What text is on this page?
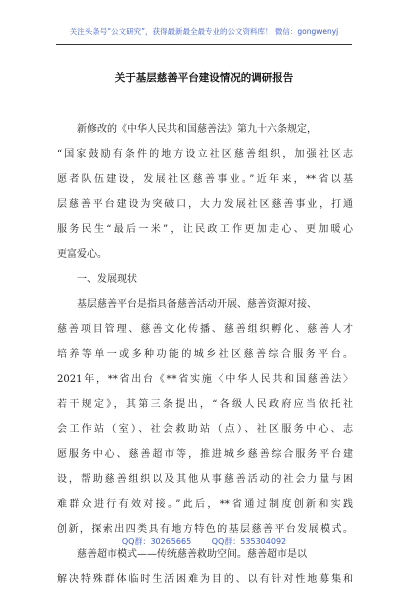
关注头条号“公文研究”，获得最新最全最专业的公文资料库！ 微信：gongwenyj
关于基层慈善平台建设情况的调研报告
新修改的《中华人民共和国慈善法》第九十六条规定，
“国家鼓励有条件的地方设立社区慈善组织，加强社区志
愿者队伍建设，发展社区慈善事业。”近年来，**省以基
层慈善平台建设为突破口，大力发展社区慈善事业，打通
服务民生“最后一米”，让民政工作更加走心、更加暖心
更富爱心。
一、发展现状
基层慈善平台是指具备慈善活动开展、慈善资源对接、
慈善项目管理、慈善文化传播、慈善组织孵化、慈善人才
培养等单一或多种功能的城乡社区慈善综合服务平台。
2021年，**省出台《**省实施〈中华人民共和国慈善法〉
若干规定》，其第三条提出，“各级人民政府应当依托社
会工作站（室）、社会救助站（点）、社区服务中心、志
愿服务中心、慈善超市等，推进城乡慈善综合服务平台建
设，帮助慈善组织以及其他从事慈善活动的社会力量与困
难群众进行有效对接。”此后，**省通过制度创新和实践
创新，探索出四类具有地方特色的基层慈善平台发展模式。
慈善超市模式——传统慈善救助空间。慈善超市是以
解决特殊群体临时生活困难为目的、以有针对性地募集和
QQ群：30265665	QQ群：535304092
